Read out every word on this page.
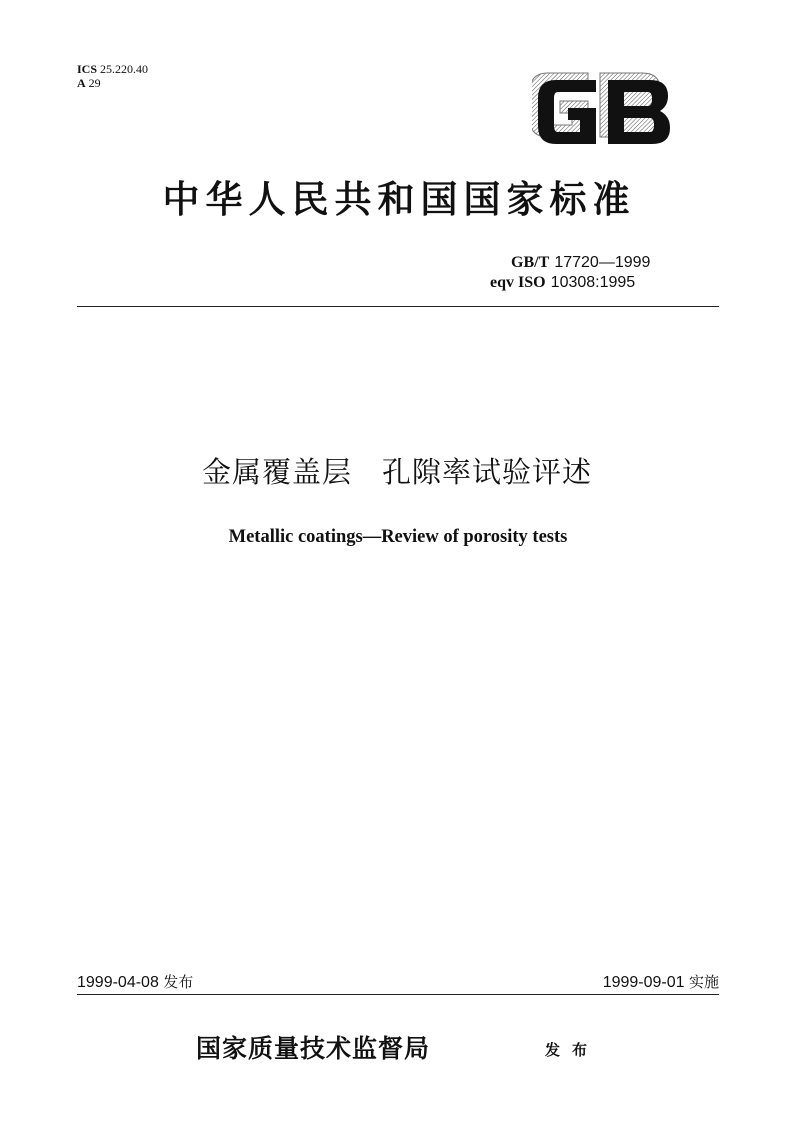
ICS 25.220.40
A 29
中华人民共和国国家标准
GB/T 17720—1999
eqv ISO 10308:1995
金属覆盖层　孔隙率试验评述
Metallic coatings—Review of porosity tests
1999-04-08 发布	1999-09-01 实施
国家质量技术监督局	发布
